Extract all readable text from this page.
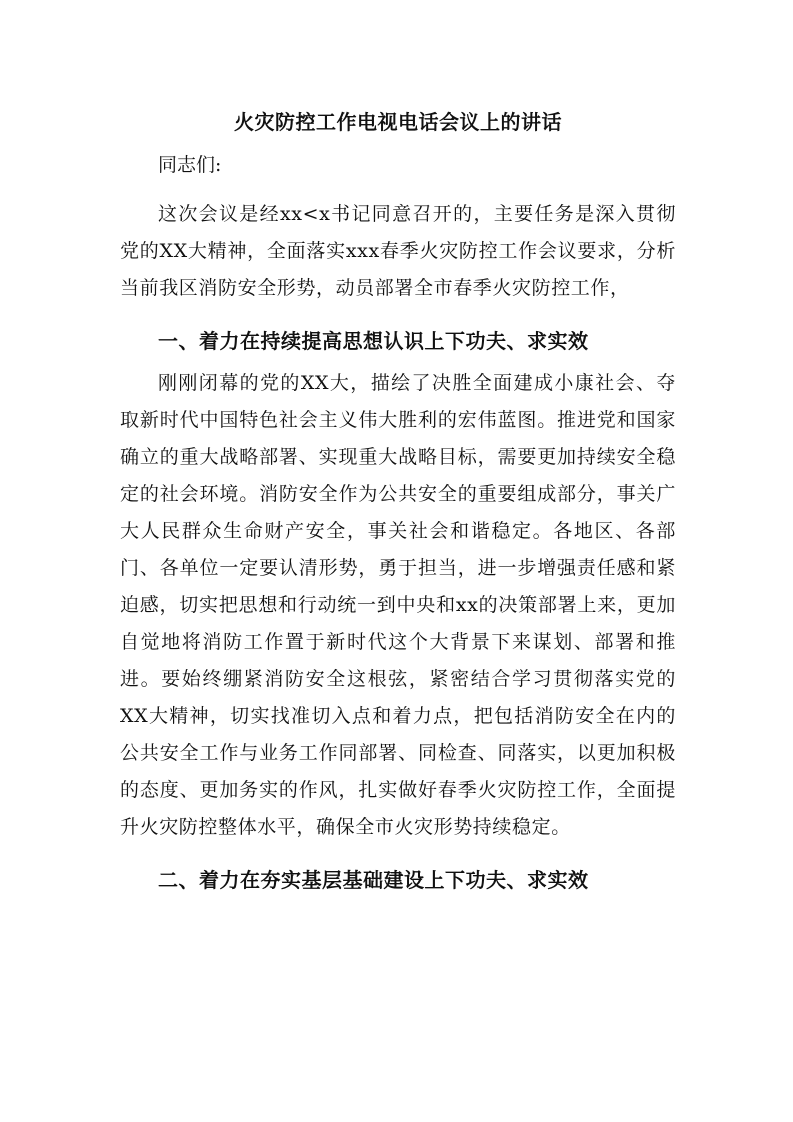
火灾防控工作电视电话会议上的讲话

同志们:

这次会议是经xx<x书记同意召开的，主要任务是深入贯彻党的XX大精神，全面落实xxx春季火灾防控工作会议要求，分析当前我区消防安全形势，动员部署全市春季火灾防控工作，

一、着力在持续提高思想认识上下功夫、求实效

刚刚闭幕的党的XX大，描绘了决胜全面建成小康社会、夺取新时代中国特色社会主义伟大胜利的宏伟蓝图。推进党和国家确立的重大战略部署、实现重大战略目标，需要更加持续安全稳定的社会环境。消防安全作为公共安全的重要组成部分，事关广大人民群众生命财产安全，事关社会和谐稳定。各地区、各部门、各单位一定要认清形势，勇于担当，进一步增强责任感和紧迫感，切实把思想和行动统一到中央和xx的决策部署上来，更加自觉地将消防工作置于新时代这个大背景下来谋划、部署和推进。要始终绷紧消防安全这根弦，紧密结合学习贯彻落实党的XX大精神，切实找准切入点和着力点，把包括消防安全在内的公共安全工作与业务工作同部署、同检查、同落实，以更加积极的态度、更加务实的作风，扎实做好春季火灾防控工作，全面提升火灾防控整体水平，确保全市火灾形势持续稳定。

二、着力在夯实基层基础建设上下功夫、求实效
